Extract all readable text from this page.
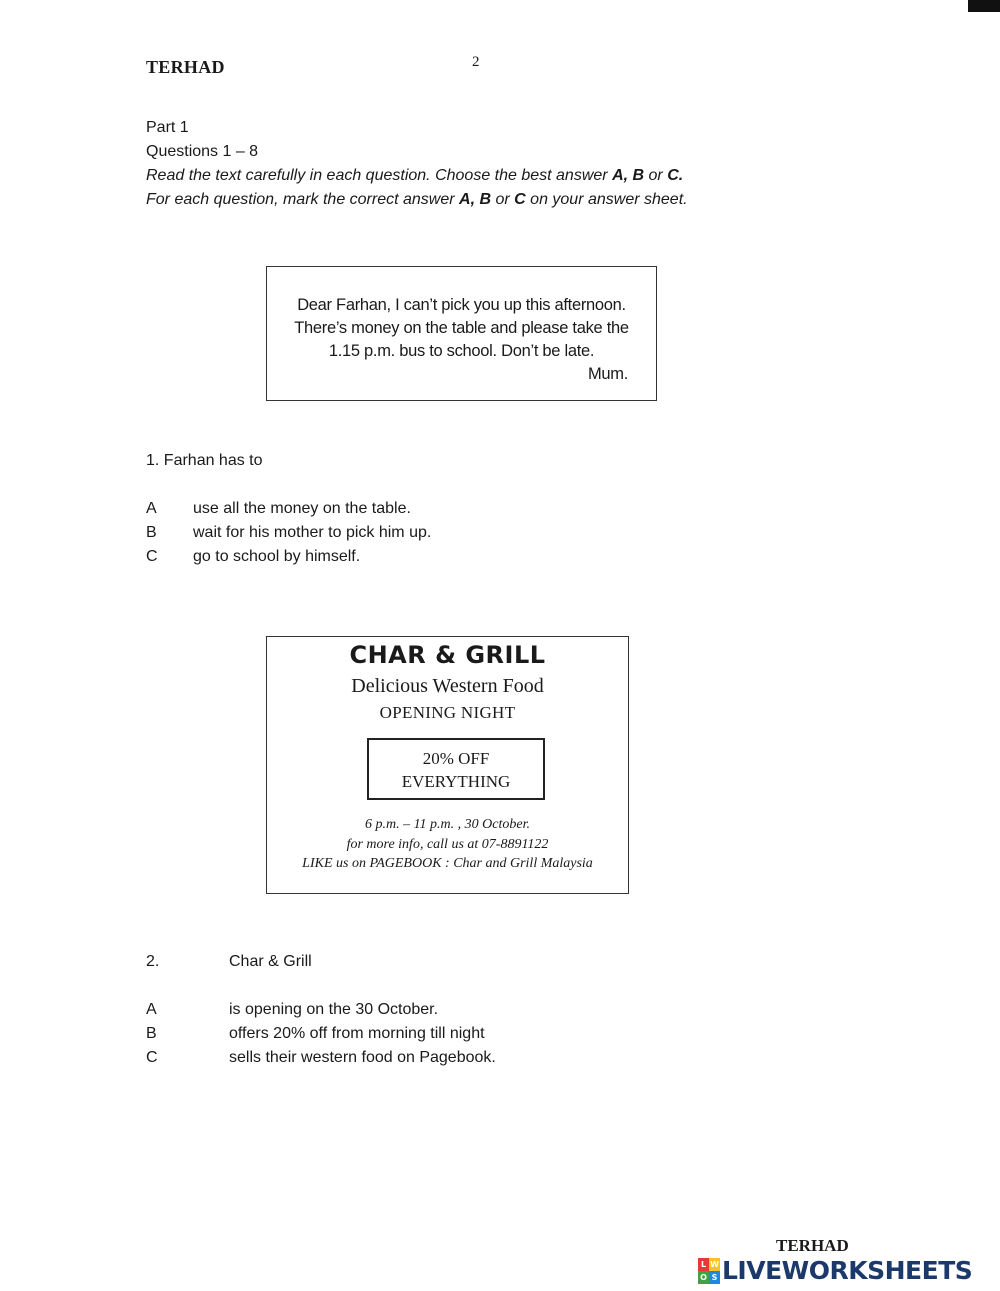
TERHAD	2
Part 1
Questions 1 – 8
Read the text carefully in each question. Choose the best answer A, B or C.
For each question, mark the correct answer A, B or C on your answer sheet.
Dear Farhan, I can’t pick you up this afternoon.
There’s money on the table and please take the
1.15 p.m. bus to school. Don’t be late.
Mum.
1. Farhan has to
A use all the money on the table.
B wait for his mother to pick him up.
C go to school by himself.
CHAR & GRILL
Delicious Western Food
OPENING NIGHT
20% OFF
EVERYTHING
6 p.m. – 11 p.m. , 30 October.
for more info, call us at 07-8891122
LIKE us on PAGEBOOK : Char and Grill Malaysia
2.	Char & Grill
A	is opening on the 30 October.
B	offers 20% off from morning till night
C	sells their western food on Pagebook.
TERHAD
L W
O S LIVEWORKSHEETS
